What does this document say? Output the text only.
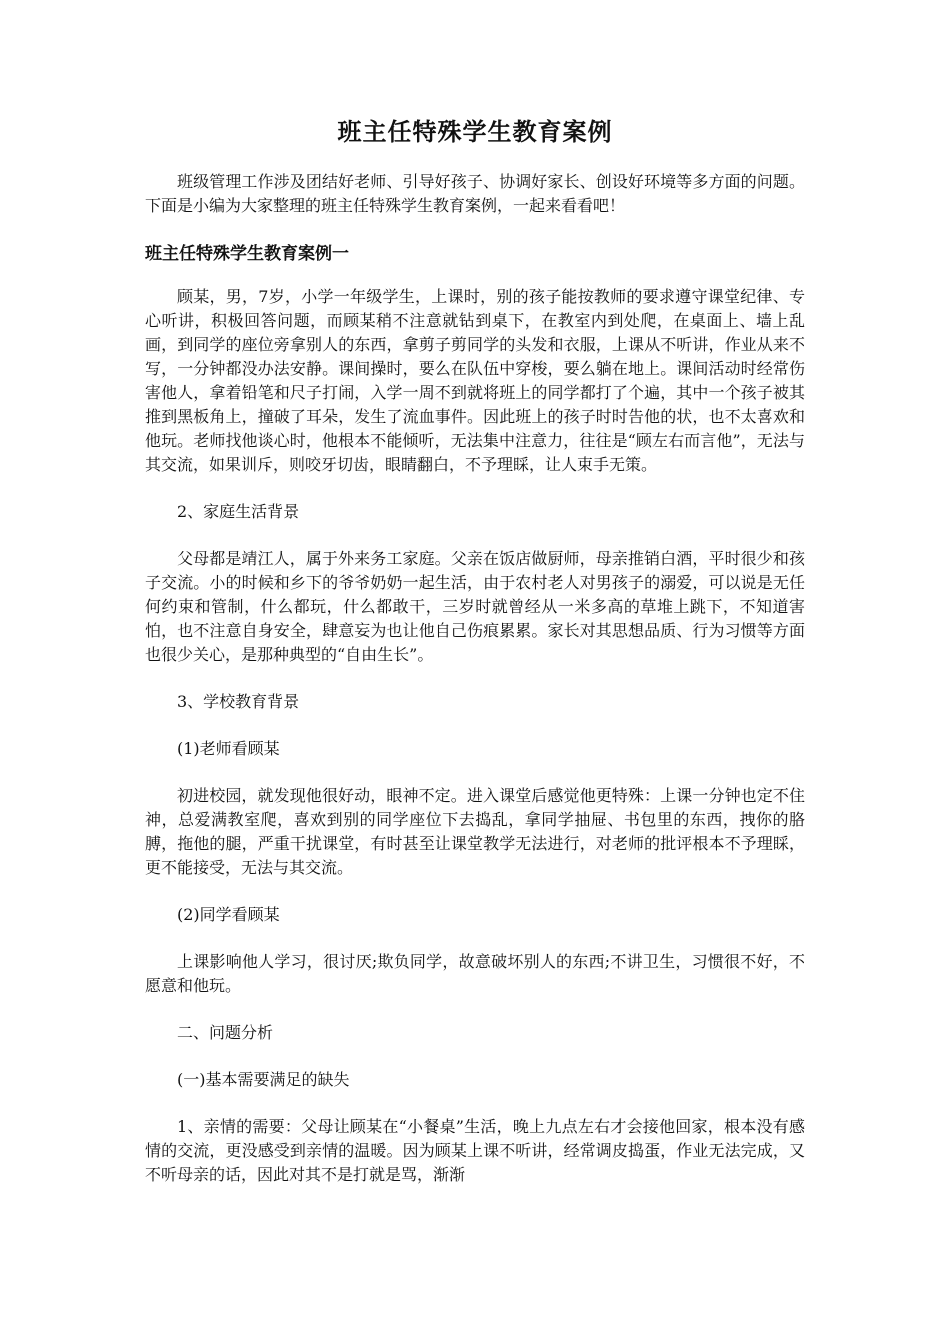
班主任特殊学生教育案例

班级管理工作涉及团结好老师、引导好孩子、协调好家长、创设好环境等多方面的问题。下面是小编为大家整理的班主任特殊学生教育案例，一起来看看吧！

班主任特殊学生教育案例一

顾某，男，7岁，小学一年级学生，上课时，别的孩子能按教师的要求遵守课堂纪律、专心听讲，积极回答问题，而顾某稍不注意就钻到桌下，在教室内到处爬，在桌面上、墙上乱画，到同学的座位旁拿别人的东西，拿剪子剪同学的头发和衣服，上课从不听讲，作业从来不写，一分钟都没办法安静。课间操时，要么在队伍中穿梭，要么躺在地上。课间活动时经常伤害他人，拿着铅笔和尺子打闹，入学一周不到就将班上的同学都打了个遍，其中一个孩子被其推到黑板角上，撞破了耳朵，发生了流血事件。因此班上的孩子时时告他的状，也不太喜欢和他玩。老师找他谈心时，他根本不能倾听，无法集中注意力，往往是“顾左右而言他”，无法与其交流，如果训斥，则咬牙切齿，眼睛翻白，不予理睬，让人束手无策。

2、家庭生活背景

父母都是靖江人，属于外来务工家庭。父亲在饭店做厨师，母亲推销白酒，平时很少和孩子交流。小的时候和乡下的爷爷奶奶一起生活，由于农村老人对男孩子的溺爱，可以说是无任何约束和管制，什么都玩，什么都敢干，三岁时就曾经从一米多高的草堆上跳下，不知道害怕，也不注意自身安全，肆意妄为也让他自己伤痕累累。家长对其思想品质、行为习惯等方面也很少关心，是那种典型的“自由生长”。

3、学校教育背景

(1)老师看顾某

初进校园，就发现他很好动，眼神不定。进入课堂后感觉他更特殊：上课一分钟也定不住神，总爱满教室爬，喜欢到别的同学座位下去捣乱，拿同学抽屉、书包里的东西，拽你的胳膊，拖他的腿，严重干扰课堂，有时甚至让课堂教学无法进行，对老师的批评根本不予理睬，更不能接受，无法与其交流。

(2)同学看顾某

上课影响他人学习，很讨厌;欺负同学，故意破坏别人的东西;不讲卫生，习惯很不好，不愿意和他玩。

二、问题分析

(一)基本需要满足的缺失

1、亲情的需要：父母让顾某在“小餐桌”生活，晚上九点左右才会接他回家，根本没有感情的交流，更没感受到亲情的温暖。因为顾某上课不听讲，经常调皮捣蛋，作业无法完成，又不听母亲的话，因此对其不是打就是骂，渐渐
